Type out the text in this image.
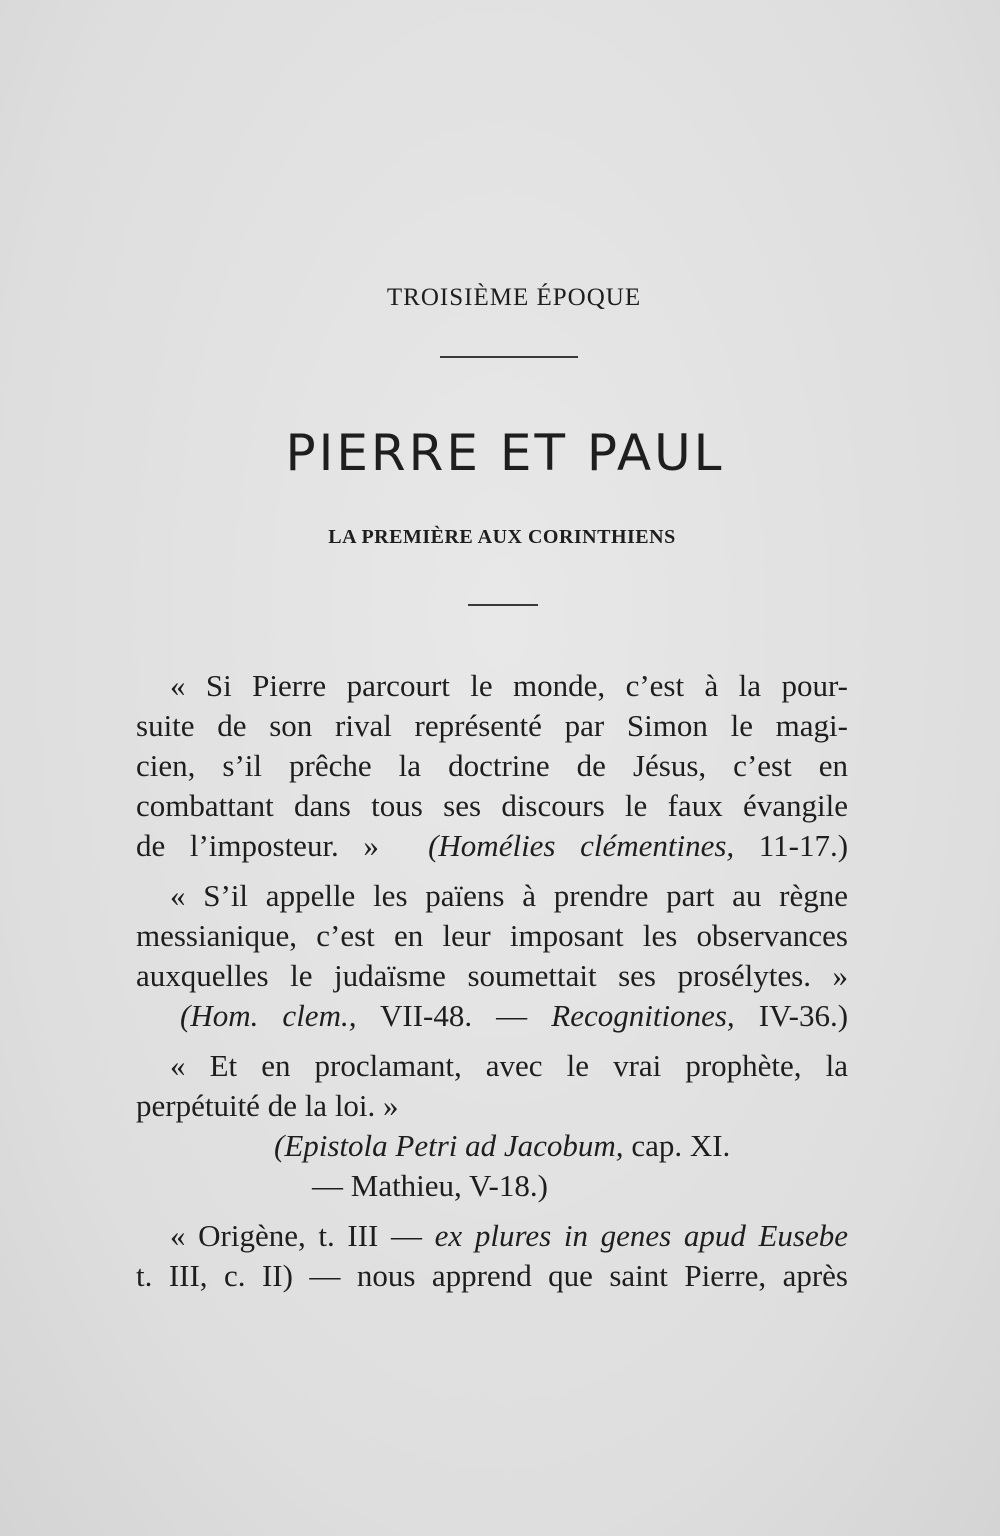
TROISIÈME ÉPOQUE
PIERRE ET PAUL
LA PREMIÈRE AUX CORINTHIENS
« Si Pierre parcourt le monde, c’est à la pour-
suite de son rival représenté par Simon le magi-
cien, s’il prêche la doctrine de Jésus, c’est en
combattant dans tous ses discours le faux évangile
de l’imposteur. » (Homélies clémentines, 11-17.)
« S’il appelle les païens à prendre part au règne
messianique, c’est en leur imposant les observances
auxquelles le judaïsme soumettait ses prosélytes. »
(Hom. clem., VII-48. — Recognitiones, IV-36.)
« Et en proclamant, avec le vrai prophète, la
perpétuité de la loi. »
(Epistola Petri ad Jacobum, cap. XI.
— Mathieu, V-18.)
« Origène, t. III — ex plures in genes apud Eusebe
t. III, c. II) — nous apprend que saint Pierre, après
